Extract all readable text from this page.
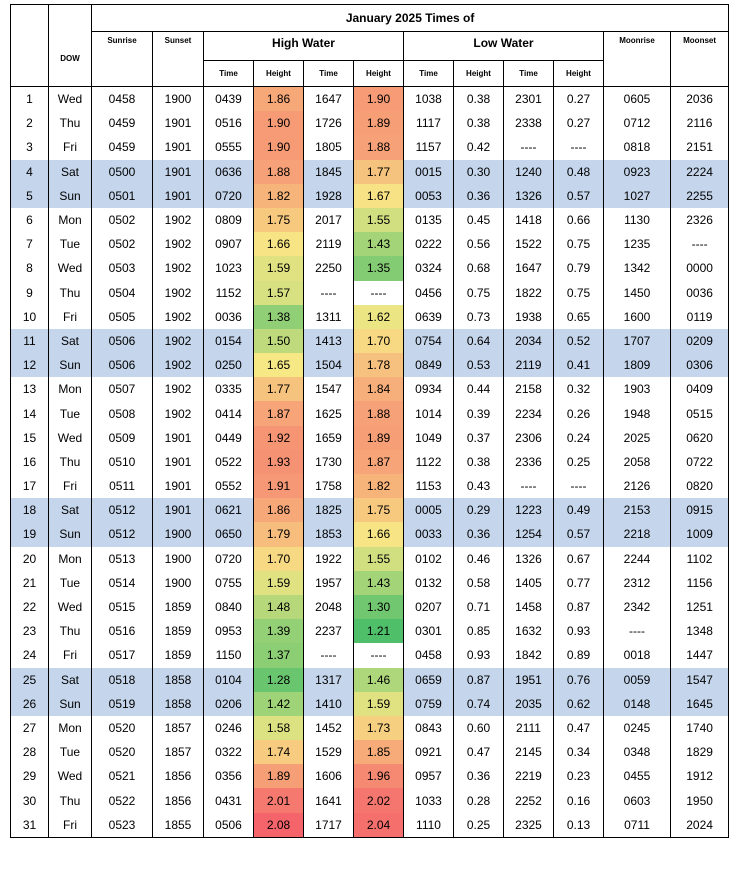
		January 2025 Times of											
	DOW	Sunrise	Sunset	High Water				Low Water				Moonrise	Moonset
				Time	Height	Time	Height	Time	Height	Time	Height		
1	Wed	0458	1900	0439	1.86	1647	1.90	1038	0.38	2301	0.27	0605	2036
2	Thu	0459	1901	0516	1.90	1726	1.89	1117	0.38	2338	0.27	0712	2116
3	Fri	0459	1901	0555	1.90	1805	1.88	1157	0.42	----	----	0818	2151
4	Sat	0500	1901	0636	1.88	1845	1.77	0015	0.30	1240	0.48	0923	2224
5	Sun	0501	1901	0720	1.82	1928	1.67	0053	0.36	1326	0.57	1027	2255
6	Mon	0502	1902	0809	1.75	2017	1.55	0135	0.45	1418	0.66	1130	2326
7	Tue	0502	1902	0907	1.66	2119	1.43	0222	0.56	1522	0.75	1235	----
8	Wed	0503	1902	1023	1.59	2250	1.35	0324	0.68	1647	0.79	1342	0000
9	Thu	0504	1902	1152	1.57	----	----	0456	0.75	1822	0.75	1450	0036
10	Fri	0505	1902	0036	1.38	1311	1.62	0639	0.73	1938	0.65	1600	0119
11	Sat	0506	1902	0154	1.50	1413	1.70	0754	0.64	2034	0.52	1707	0209
12	Sun	0506	1902	0250	1.65	1504	1.78	0849	0.53	2119	0.41	1809	0306
13	Mon	0507	1902	0335	1.77	1547	1.84	0934	0.44	2158	0.32	1903	0409
14	Tue	0508	1902	0414	1.87	1625	1.88	1014	0.39	2234	0.26	1948	0515
15	Wed	0509	1901	0449	1.92	1659	1.89	1049	0.37	2306	0.24	2025	0620
16	Thu	0510	1901	0522	1.93	1730	1.87	1122	0.38	2336	0.25	2058	0722
17	Fri	0511	1901	0552	1.91	1758	1.82	1153	0.43	----	----	2126	0820
18	Sat	0512	1901	0621	1.86	1825	1.75	0005	0.29	1223	0.49	2153	0915
19	Sun	0512	1900	0650	1.79	1853	1.66	0033	0.36	1254	0.57	2218	1009
20	Mon	0513	1900	0720	1.70	1922	1.55	0102	0.46	1326	0.67	2244	1102
21	Tue	0514	1900	0755	1.59	1957	1.43	0132	0.58	1405	0.77	2312	1156
22	Wed	0515	1859	0840	1.48	2048	1.30	0207	0.71	1458	0.87	2342	1251
23	Thu	0516	1859	0953	1.39	2237	1.21	0301	0.85	1632	0.93	----	1348
24	Fri	0517	1859	1150	1.37	----	----	0458	0.93	1842	0.89	0018	1447
25	Sat	0518	1858	0104	1.28	1317	1.46	0659	0.87	1951	0.76	0059	1547
26	Sun	0519	1858	0206	1.42	1410	1.59	0759	0.74	2035	0.62	0148	1645
27	Mon	0520	1857	0246	1.58	1452	1.73	0843	0.60	2111	0.47	0245	1740
28	Tue	0520	1857	0322	1.74	1529	1.85	0921	0.47	2145	0.34	0348	1829
29	Wed	0521	1856	0356	1.89	1606	1.96	0957	0.36	2219	0.23	0455	1912
30	Thu	0522	1856	0431	2.01	1641	2.02	1033	0.28	2252	0.16	0603	1950
31	Fri	0523	1855	0506	2.08	1717	2.04	1110	0.25	2325	0.13	0711	2024
